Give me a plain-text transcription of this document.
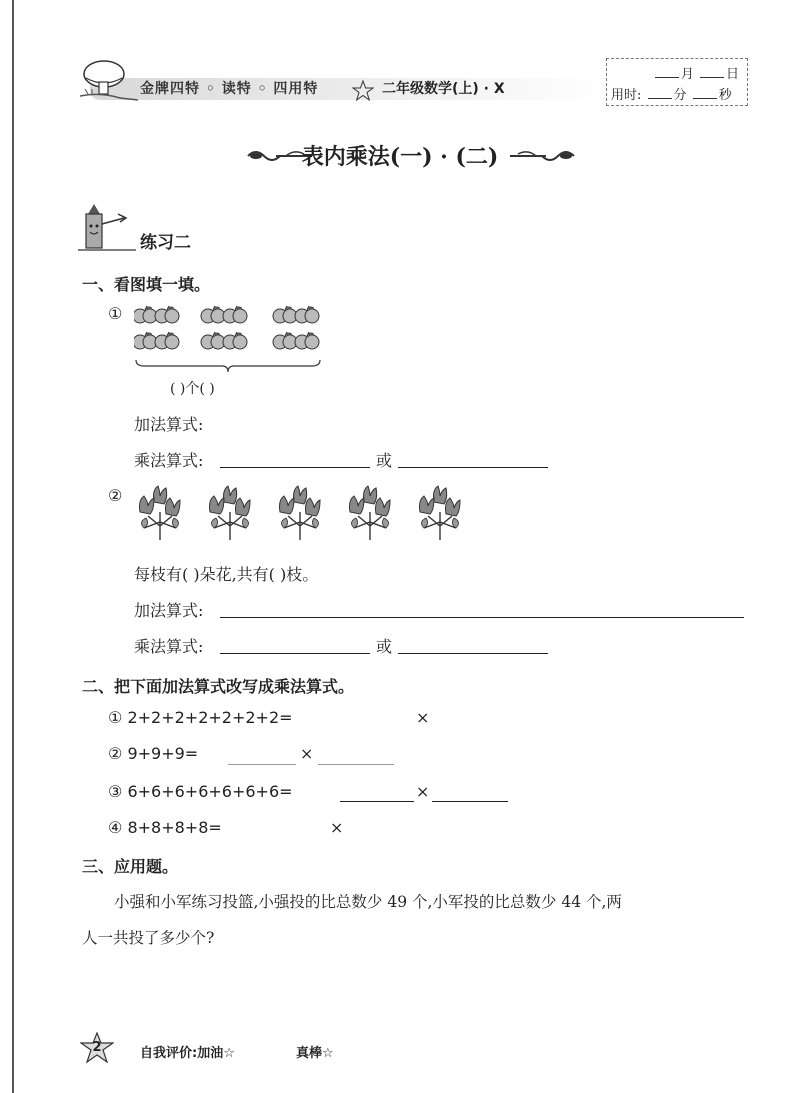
金牌四特 ◦ 读特 ◦ 四用特	二年级数学(上) · X
月 日
用时: 分 秒
表内乘法(一) · (二)
练习二
一、看图填一填。
①
( )个( )
加法算式:
乘法算式:	或
②
每枝有( )朵花,共有( )枝。
加法算式:
乘法算式:	或
二、把下面加法算式改写成乘法算式。
① 2+2+2+2+2+2+2=	×
② 9+9+9=	×
③ 6+6+6+6+6+6+6=	×
④ 8+8+8+8=	×
三、应用题。
小强和小军练习投篮,小强投的比总数少 49 个,小军投的比总数少 44 个,两
人一共投了多少个?
2	自我评价:加油☆	真棒☆
